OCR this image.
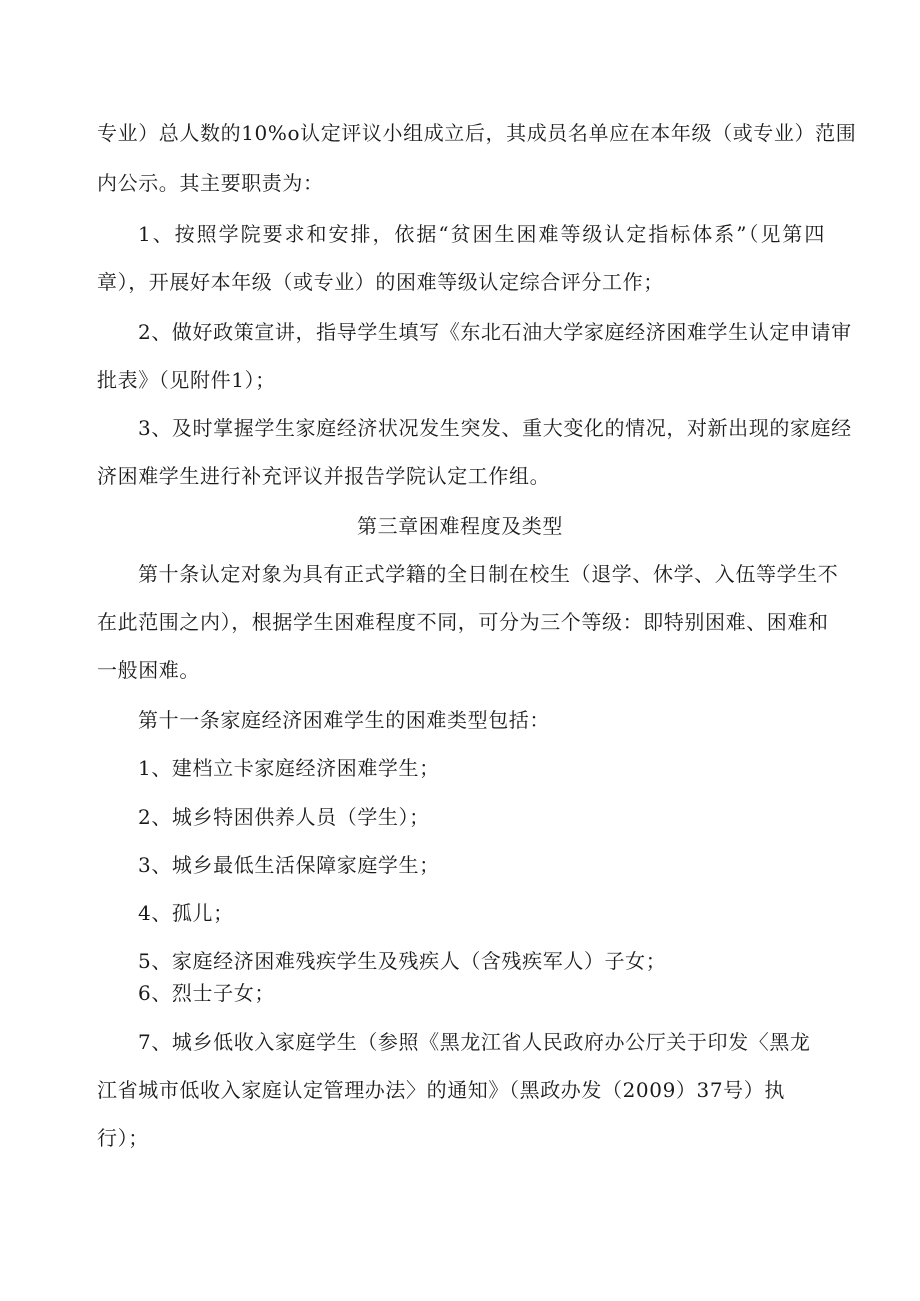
专业）总人数的10%o认定评议小组成立后，其成员名单应在本年级（或专业）范围
内公示。其主要职责为：
1、按照学院要求和安排，依据“贫困生困难等级认定指标体系”（见第四
章），开展好本年级（或专业）的困难等级认定综合评分工作；
2、做好政策宣讲，指导学生填写《东北石油大学家庭经济困难学生认定申请审
批表》（见附件1）；
3、及时掌握学生家庭经济状况发生突发、重大变化的情况，对新出现的家庭经
济困难学生进行补充评议并报告学院认定工作组。
第三章困难程度及类型
第十条认定对象为具有正式学籍的全日制在校生（退学、休学、入伍等学生不
在此范围之内），根据学生困难程度不同，可分为三个等级：即特别困难、困难和
一般困难。
第十一条家庭经济困难学生的困难类型包括：
1、建档立卡家庭经济困难学生；
2、城乡特困供养人员（学生）；
3、城乡最低生活保障家庭学生；
4、孤儿；
5、家庭经济困难残疾学生及残疾人（含残疾军人）子女；
6、烈士子女；
7、城乡低收入家庭学生（参照《黑龙江省人民政府办公厅关于印发〈黑龙
江省城市低收入家庭认定管理办法〉的通知》（黑政办发（2009）37号）执
行）；
